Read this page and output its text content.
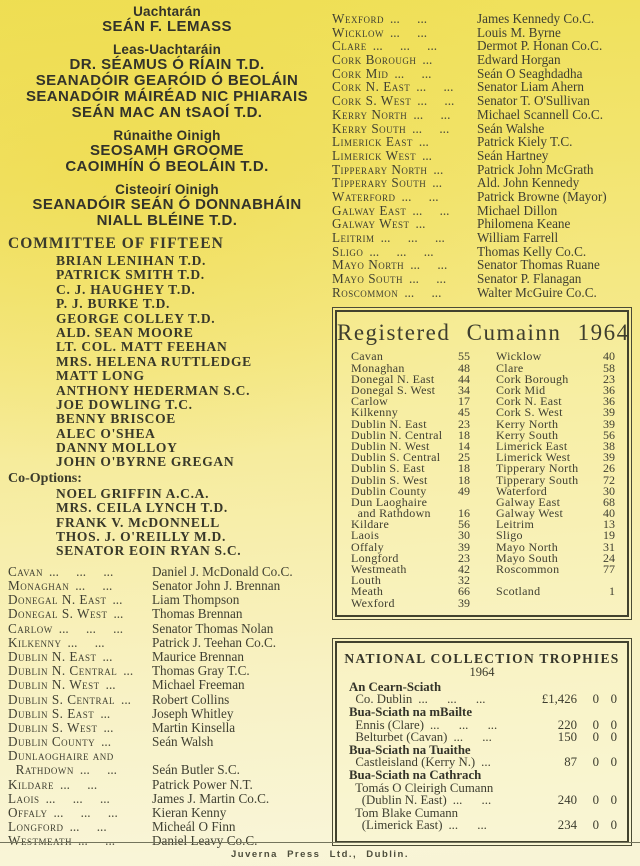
Uachtarán
SEÁN F. LEMASS
Leas-Uachtaráin
DR. SÉAMUS Ó RÍAIN T.D.
SEANADÓIR GEARÓID Ó BEOLÁIN
SEANADÓIR MÁIRÉAD NIC PHIARAIS
SEÁN MAC AN tSAOÍ T.D.
Rúnaithe Oinigh
SEOSAMH GROOME
CAOIMHÍN Ó BEOLÁIN T.D.
Cisteoirí Oinigh
SEANADÓIR SEÁN Ó DONNABHÁIN
NIALL BLÉINE T.D.
COMMITTEE OF FIFTEEN
BRIAN LENIHAN T.D.
PATRICK SMITH T.D.
C. J. HAUGHEY T.D.
P. J. BURKE T.D.
GEORGE COLLEY T.D.
ALD. SEAN MOORE
LT. COL. MATT FEEHAN
MRS. HELENA RUTTLEDGE
MATT LONG
ANTHONY HEDERMAN S.C.
JOE DOWLING T.C.
BENNY BRISCOE
ALEC O'SHEA
DANNY MOLLOY
JOHN O'BYRNE GREGAN
Co-Options:
NOEL GRIFFIN A.C.A.
MRS. CEILA LYNCH T.D.
FRANK V. McDONNELL
THOS. J. O'REILLY M.D.
SENATOR EOIN RYAN S.C.
Cavan ... ... ...	Daniel J. McDonald Co.C.
Monaghan ... ...	Senator John J. Brennan
Donegal N. East ...	Liam Thompson
Donegal S. West ...	Thomas Brennan
Carlow ... ... ...	Senator Thomas Nolan
Kilkenny ... ...	Patrick J. Teehan Co.C.
Dublin N. East ...	Maurice Brennan
Dublin N. Central ...	Thomas Gray T.C.
Dublin N. West ...	Michael Freeman
Dublin S. Central ...	Robert Collins
Dublin S. East ...	Joseph Whitley
Dublin S. West ...	Martin Kinsella
Dublin County ...	Seán Walsh
Dunlaoghaire and
Rathdown ... ...	Seán Butler S.C.
Kildare ... ...	Patrick Power N.T.
Laois ... ... ...	James J. Martin Co.C.
Offaly ... ... ...	Kieran Kenny
Longford ... ...	Micheál O Finn
Westmeath ... ...	Daniel Leavy Co.C.
Wexford ... ...	James Kennedy Co.C.
Wicklow ... ...	Louis M. Byrne
Clare ... ... ...	Dermot P. Honan Co.C.
Cork Borough ...	Edward Horgan
Cork Mid ... ...	Seán O Seaghdadha
Cork N. East ... ...	Senator Liam Ahern
Cork S. West ... ...	Senator T. O'Sullivan
Kerry North ... ...	Michael Scannell Co.C.
Kerry South ... ...	Seán Walshe
Limerick East ...	Patrick Kiely T.C.
Limerick West ...	Seán Hartney
Tipperary North ...	Patrick John McGrath
Tipperary South ...	Ald. John Kennedy
Waterford ... ...	Patrick Browne (Mayor)
Galway East ... ...	Michael Dillon
Galway West ...	Philomena Keane
Leitrim ... ... ...	William Farrell
Sligo ... ... ...	Thomas Kelly Co.C.
Mayo North ... ...	Senator Thomas Ruane
Mayo South ... ...	Senator P. Flanagan
Roscommon ... ...	Walter McGuire Co.C.
Registered Cumainn 1964
Cavan	55
Monaghan	48
Donegal N. East	44
Donegal S. West	34
Carlow	17
Kilkenny	45
Dublin N. East	23
Dublin N. Central	18
Dublin N. West	14
Dublin S. Central	25
Dublin S. East	18
Dublin S. West	18
Dublin County	49
Dun Laoghaire
and Rathdown	16
Kildare	56
Laois	30
Offaly	39
Longford	23
Westmeath	42
Louth	32
Meath	66
Wexford	39
Wicklow	40
Clare	58
Cork Borough	23
Cork Mid	36
Cork N. East	36
Cork S. West	39
Kerry North	39
Kerry South	56
Limerick East	38
Limerick West	39
Tipperary North	26
Tipperary South	72
Waterford	30
Galway East	68
Galway West	40
Leitrim	13
Sligo	19
Mayo North	31
Mayo South	24
Roscommon	77
Scotland	1
NATIONAL COLLECTION TROPHIES
1964
An Cearn-Sciath
Co. Dublin ... ... ...	£1,426	0 0
Bua-Sciath na mBailte
Ennis (Clare) ... ... ...	220	0 0
Belturbet (Cavan) ... ...	150	0 0
Bua-Sciath na Tuaithe
Castleisland (Kerry N.) ...	87	0 0
Bua-Sciath na Cathrach
Tomás O Cleirigh Cumann
(Dublin N. East) ... ...	240	0 0
Tom Blake Cumann
(Limerick East) ... ...	234	0 0
Juverna Press Ltd., Dublin.
